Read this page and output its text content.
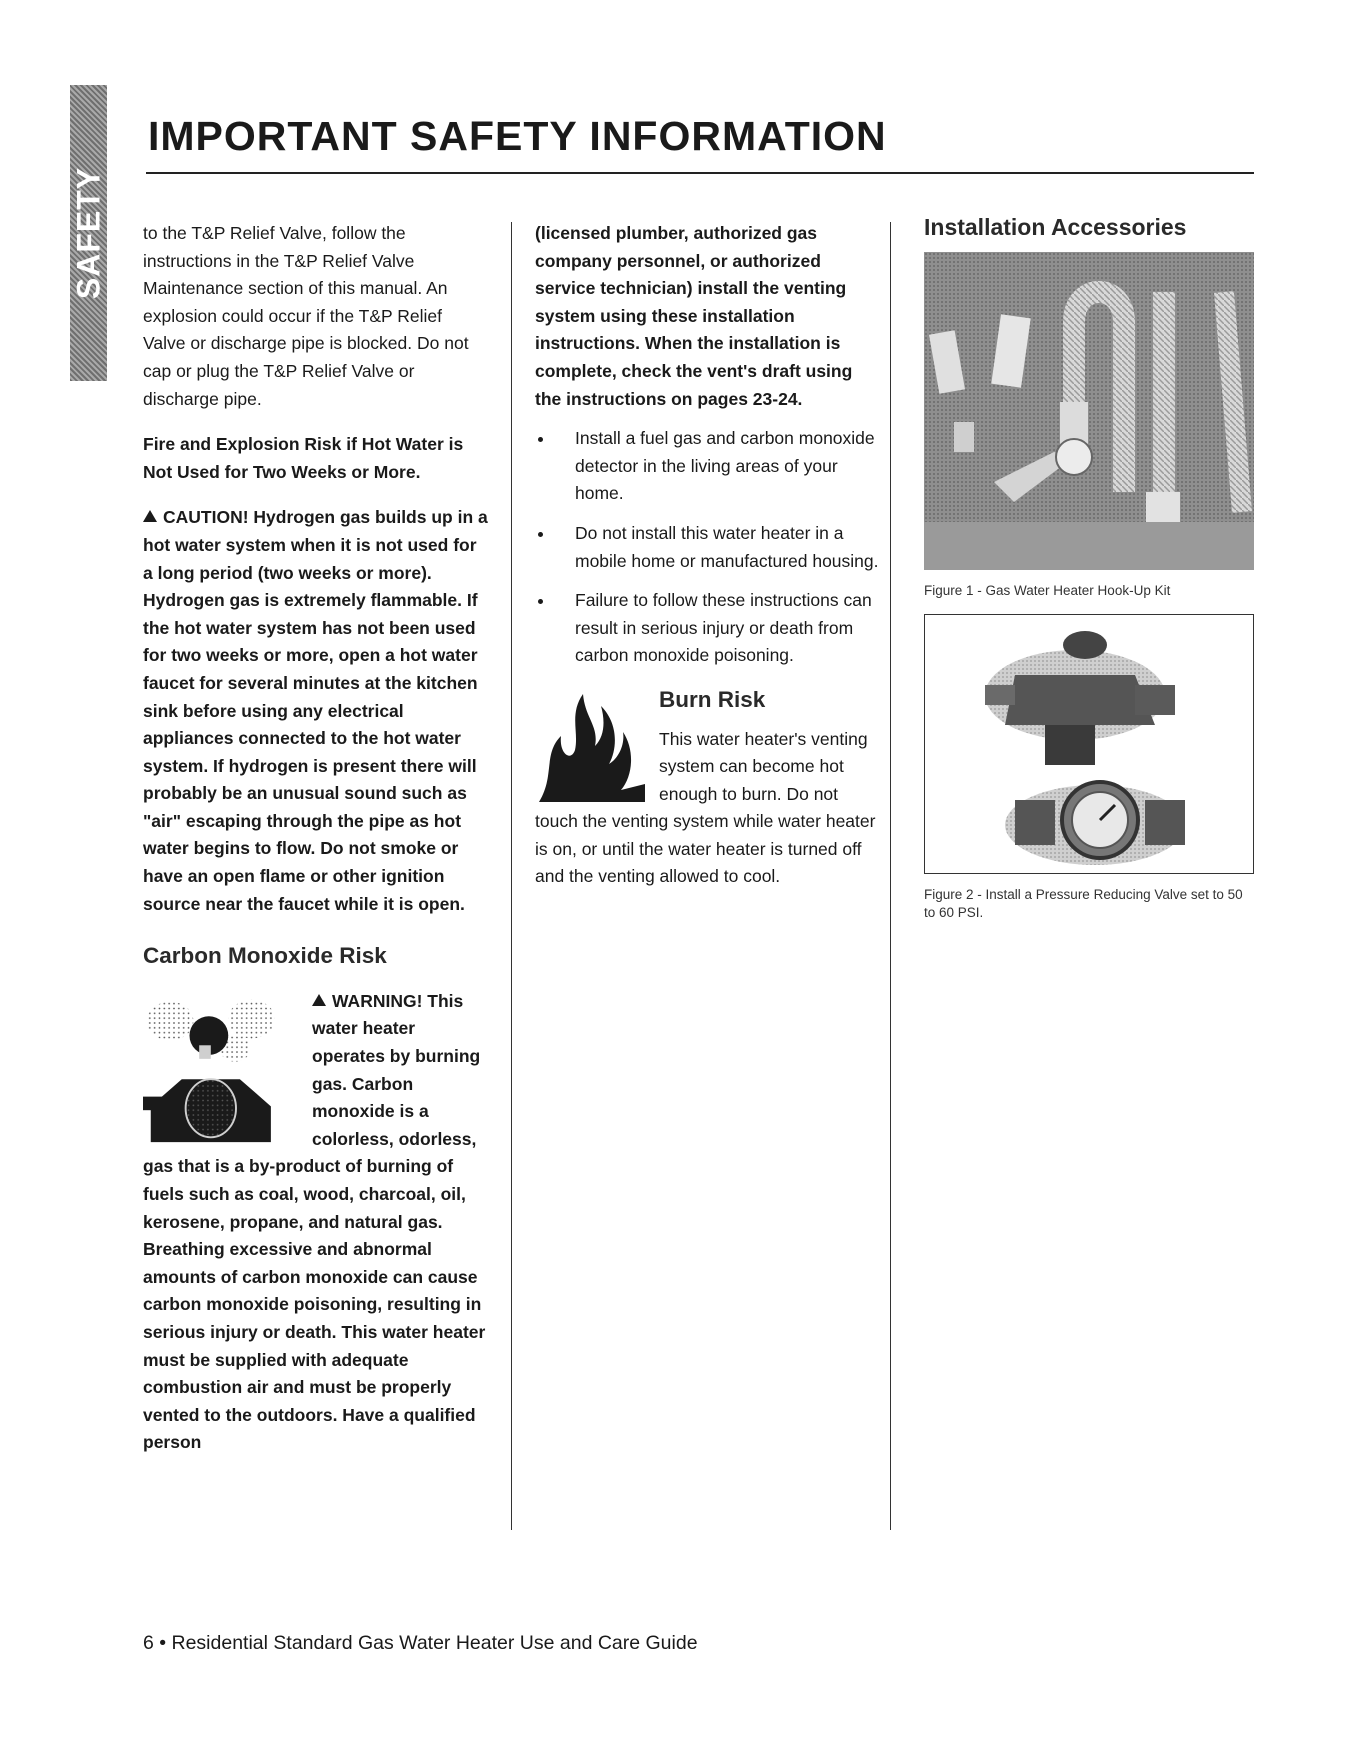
SAFETY
IMPORTANT SAFETY INFORMATION

to the T&P Relief Valve, follow the instructions in the T&P Relief Valve Maintenance section of this manual. An explosion could occur if the T&P Relief Valve or discharge pipe is blocked. Do not cap or plug the T&P Relief Valve or discharge pipe.

Fire and Explosion Risk if Hot Water is Not Used for Two Weeks or More.

CAUTION! Hydrogen gas builds up in a hot water system when it is not used for a long period (two weeks or more). Hydrogen gas is extremely flammable. If the hot water system has not been used for two weeks or more, open a hot water faucet for several minutes at the kitchen sink before using any electrical appliances connected to the hot water system. If hydrogen is present there will probably be an unusual sound such as "air" escaping through the pipe as hot water begins to flow. Do not smoke or have an open flame or other ignition source near the faucet while it is open.

Carbon Monoxide Risk

WARNING! This water heater operates by burning gas. Carbon monoxide is a colorless, odorless, gas that is a by-product of burning of fuels such as coal, wood, charcoal, oil, kerosene, propane, and natural gas. Breathing excessive and abnormal amounts of carbon monoxide can cause carbon monoxide poisoning, resulting in serious injury or death. This water heater must be supplied with adequate combustion air and must be properly vented to the outdoors. Have a qualified person

(licensed plumber, authorized gas company personnel, or authorized service technician) install the venting system using these installation instructions. When the installation is complete, check the vent's draft using the instructions on pages 23-24.

Install a fuel gas and carbon monoxide detector in the living areas of your home.
Do not install this water heater in a mobile home or manufactured housing.
Failure to follow these instructions can result in serious injury or death from carbon monoxide poisoning.
Burn Risk

This water heater's venting system can become hot enough to burn. Do not touch the venting system while water heater is on, or until the water heater is turned off and the venting allowed to cool.

Installation Accessories

Figure 1 - Gas Water Heater Hook-Up Kit

Figure 2 - Install a Pressure Reducing Valve set to 50 to 60 PSI.

6 • Residential Standard Gas Water Heater Use and Care Guide
